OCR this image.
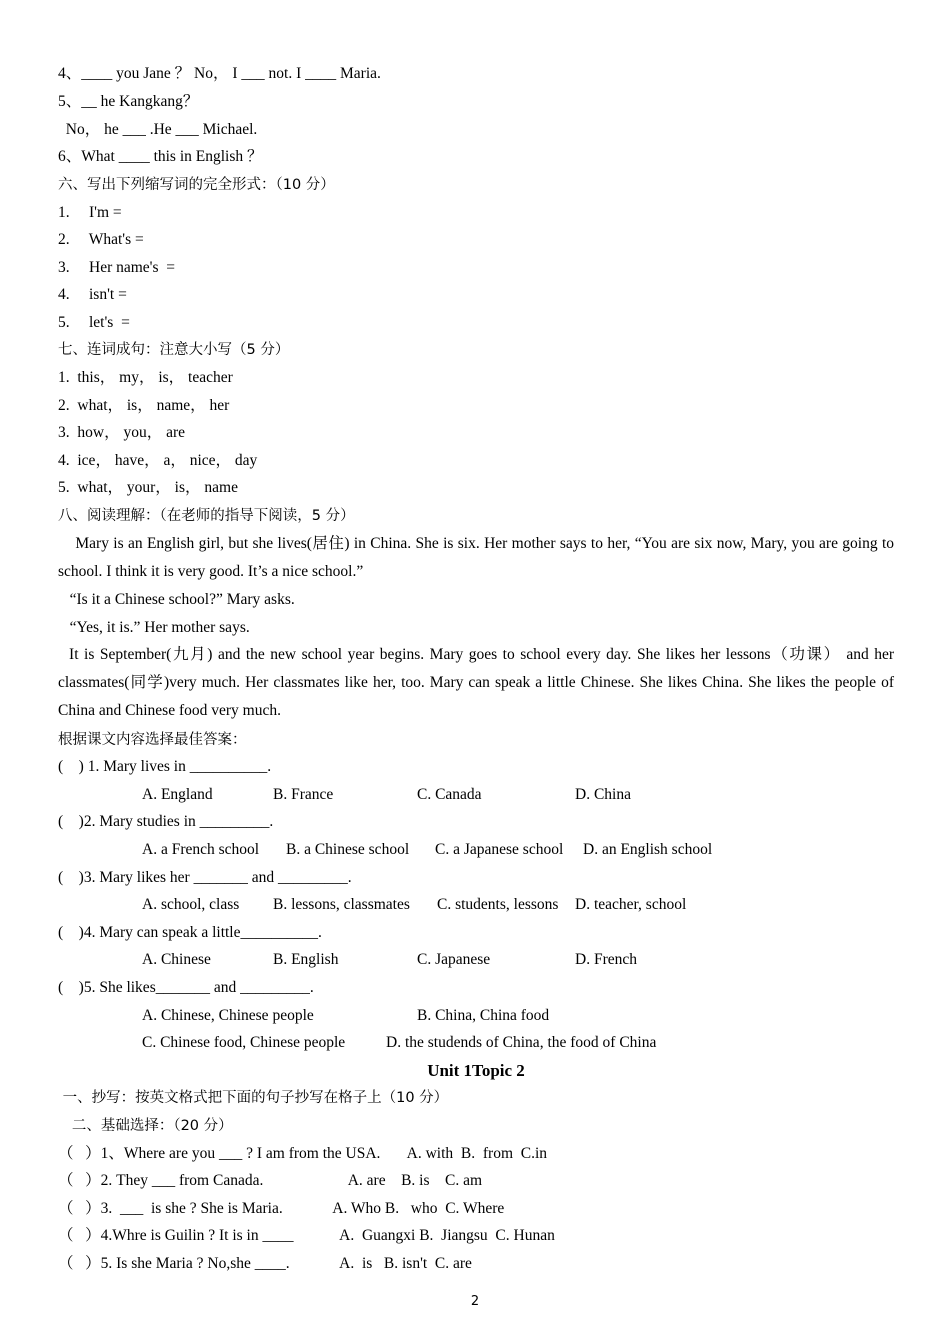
4、____ you Jane ？ No， I ___ not. I ____ Maria.
5、__ he Kangkang？
No， he ___ .He ___ Michael.
6、What ____ this in English ？
六、写出下列缩写词的完全形式：（10 分）
1.     I'm =
2.     What's =
3.     Her name's  =
4.     isn't =
5.     let's  =
七、连词成句：注意大小写（5 分）
1.  this， my， is， teacher
2.  what， is， name， her
3.  how， you， are
4.  ice， have， a， nice， day
5.  what， your， is， name
八、阅读理解：（在老师的指导下阅读，5 分）
Mary is an English girl, but she lives(居住) in China. She is six. Her mother says to her, “You are six now, Mary, you are going to school. I think it is very good. It’s a nice school.”
“Is it a Chinese school?” Mary asks.
“Yes, it is.” Her mother says.
It is September(九月) and the new school year begins. Mary goes to school every day. She likes her lessons（功课） and her classmates(同学)very much. Her classmates like her, too. Mary can speak a little Chinese. She likes China. She likes the people of China and Chinese food very much.
根据课文内容选择最佳答案：
(    ) 1. Mary lives in __________.
A. England	B. France	C. Canada	D. China
(    )2. Mary studies in _________.
A. a French school B. a Chinese school C. a Japanese school D. an English school
(    )3. Mary likes her _______ and _________.
A. school, class B. lessons, classmates C. students, lessons D. teacher, school
(    )4. Mary can speak a little__________.
A. Chinese	B. English	C. Japanese	D. French
(    )5. She likes_______ and _________.
A. Chinese, Chinese people	B. China, China food
C. Chinese food, Chinese people	D. the studends of China, the food of China
Unit 1Topic 2
一、抄写：按英文格式把下面的句子抄写在格子上（10 分）
二、基础选择：（20 分）
（   ）1、Where are you ___ ? I am from the USA.       A. with  B.  from  C.in
（   ）2. They ___ from Canada.                      A. are    B. is    C. am
（   ）3.  ___  is she ? She is Maria.             A. Who B.   who  C. Where
（   ）4.Whre is Guilin ? It is in ____            A.  Guangxi B.  Jiangsu  C. Hunan
（   ）5. Is she Maria ? No,she ____.             A.  is   B. isn't  C. are
2
